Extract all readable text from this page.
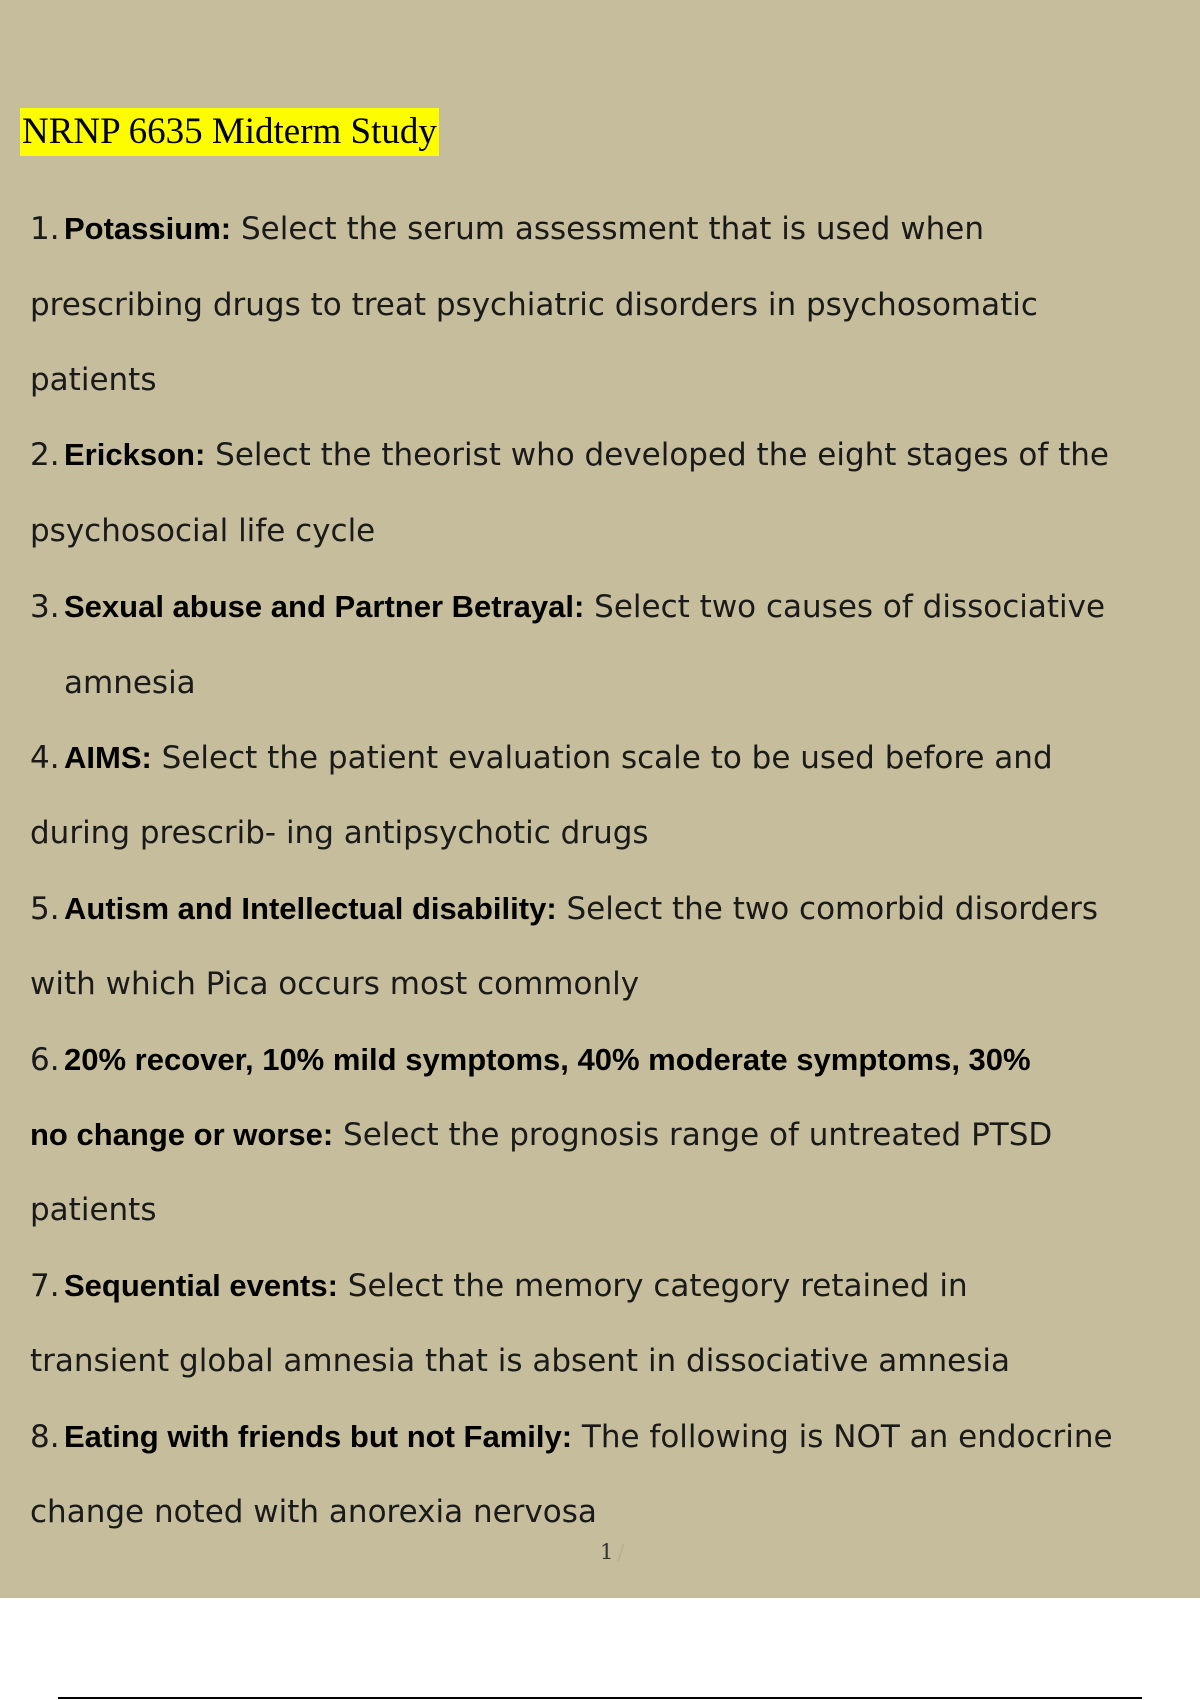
NRNP 6635 Midterm Study
1. Potassium: Select the serum assessment that is used when
prescribing drugs to treat psychiatric disorders in psychosomatic
patients
2. Erickson: Select the theorist who developed the eight stages of the
psychosocial life cycle
3. Sexual abuse and Partner Betrayal: Select two causes of dissociative
amnesia
4. AIMS: Select the patient evaluation scale to be used before and
during prescrib- ing antipsychotic drugs
5. Autism and Intellectual disability: Select the two comorbid disorders
with which Pica occurs most commonly
6. 20% recover, 10% mild symptoms, 40% moderate symptoms, 30%
no change or worse: Select the prognosis range of untreated PTSD
patients
7. Sequential events: Select the memory category retained in
transient global amnesia that is absent in dissociative amnesia
8. Eating with friends but not Family: The following is NOT an endocrine
change noted with anorexia nervosa
1 /
